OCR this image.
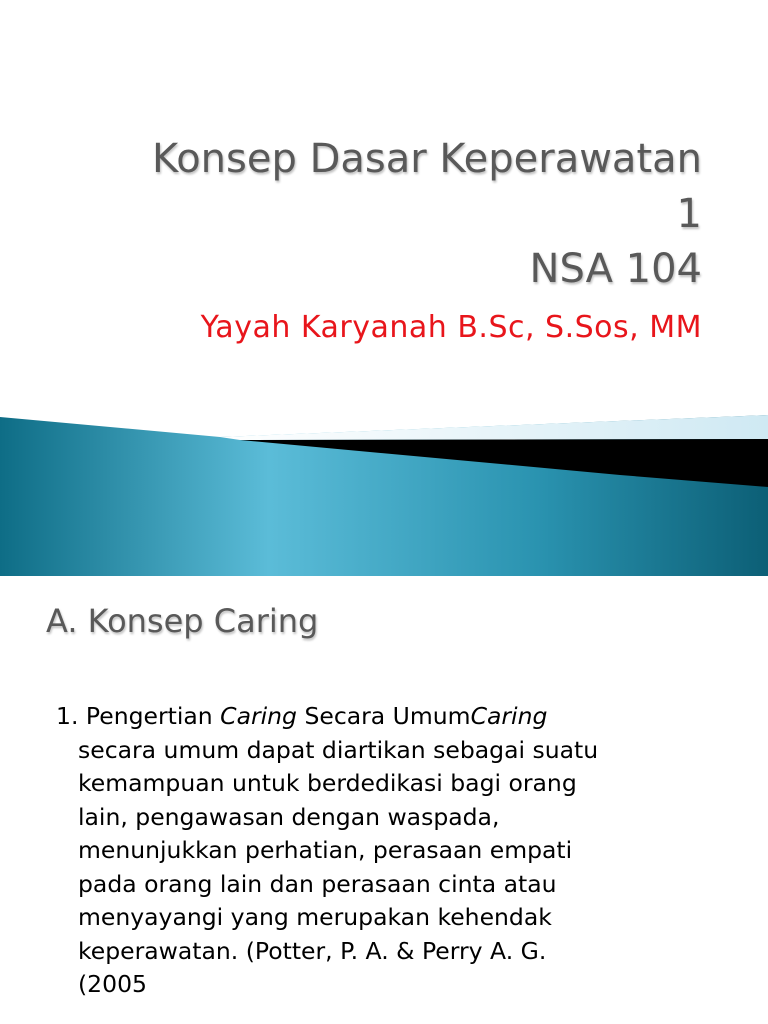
Konsep Dasar Keperawatan
1
NSA 104
Yayah Karyanah B.Sc, S.Sos, MM
A. Konsep Caring
1. Pengertian Caring Secara UmumCaring
secara umum dapat diartikan sebagai suatu
kemampuan untuk berdedikasi bagi orang
lain, pengawasan dengan waspada,
menunjukkan perhatian, perasaan empati
pada orang lain dan perasaan cinta atau
menyayangi yang merupakan kehendak
keperawatan. (Potter, P. A. & Perry A. G.
(2005
